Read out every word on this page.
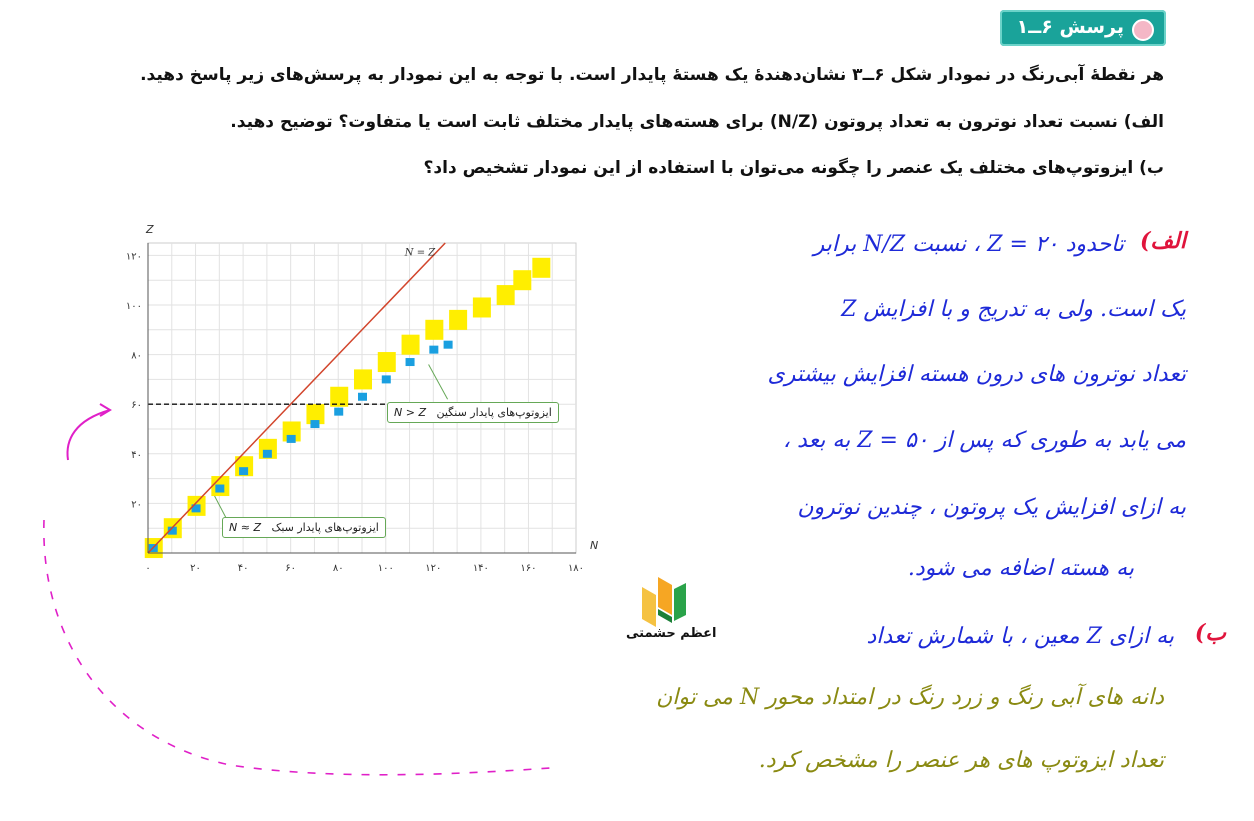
پرسش ۶ــ۱
هر نقطهٔ آبی‌رنگ در نمودار شکل ۶ــ۳ نشان‌دهندهٔ یک هستهٔ پایدار است. با توجه به این نمودار به پرسش‌های زیر پاسخ دهید.
الف) نسبت تعداد نوترون به تعداد پروتون (N/Z) برای هسته‌های پایدار مختلف ثابت است یا متفاوت؟ توضیح دهید.
ب) ایزوتوپ‌های مختلف یک عنصر را چگونه می‌توان با استفاده از این نمودار تشخیص داد؟
N = Z
۰	۲۰	۴۰	۶۰	۸۰	۱۰۰	۱۲۰	۱۴۰	۱۶۰	۱۸۰
۲۰
۴۰
۶۰
۸۰
۱۰۰
۱۲۰
N
Z
ایزوتوپ‌های پایدار سنگین   N > Z
ایزوتوپ‌های پایدار سبک   N ≈ Z
الف)
تاحدود ۲۰ = Z ، نسبت N/Z برابر
یک است. ولی به تدریج و با افزایش Z
تعداد نوترون های درون هسته افزایش بیشتری
می یابد به طوری که پس از ۵۰ = Z به بعد ،
به ازای افزایش یک پروتون ، چندین نوترون
به هسته اضافه می شود.
اعظم حشمتی	ب)
به ازای Z معین ، با شمارش تعداد
دانه های آبی رنگ و زرد رنگ در امتداد محور N می توان
تعداد ایزوتوپ های هر عنصر را مشخص کرد.
